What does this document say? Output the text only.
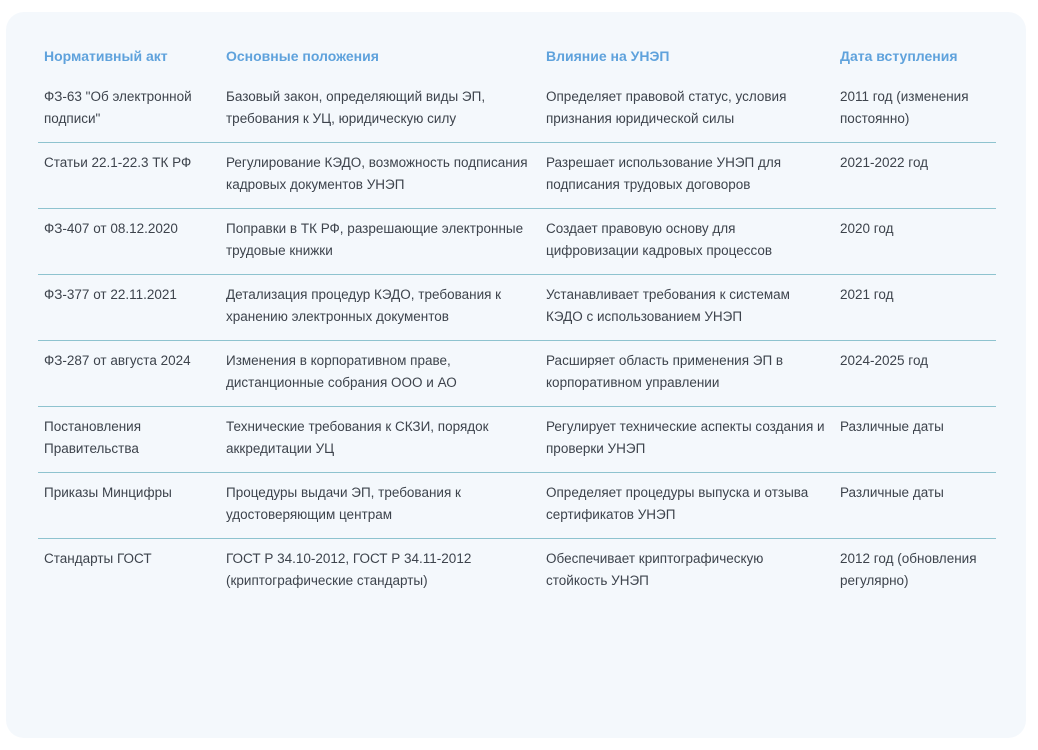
Нормативный акт	Основные положения	Влияние на УНЭП	Дата вступления
ФЗ-63 "Об электронной подписи"	Базовый закон, определяющий виды ЭП, требования к УЦ, юридическую силу	Определяет правовой статус, условия признания юридической силы	2011 год (изменения постоянно)
Статьи 22.1-22.3 ТК РФ	Регулирование КЭДО, возможность подписания кадровых документов УНЭП	Разрешает использование УНЭП для подписания трудовых договоров	2021-2022 год
ФЗ-407 от 08.12.2020	Поправки в ТК РФ, разрешающие электронные трудовые книжки	Создает правовую основу для цифровизации кадровых процессов	2020 год
ФЗ-377 от 22.11.2021	Детализация процедур КЭДО, требования к хранению электронных документов	Устанавливает требования к системам КЭДО с использованием УНЭП	2021 год
ФЗ-287 от августа 2024	Изменения в корпоративном праве, дистанционные собрания ООО и АО	Расширяет область применения ЭП в корпоративном управлении	2024-2025 год
Постановления Правительства	Технические требования к СКЗИ, порядок аккредитации УЦ	Регулирует технические аспекты создания и проверки УНЭП	Различные даты
Приказы Минцифры	Процедуры выдачи ЭП, требования к удостоверяющим центрам	Определяет процедуры выпуска и отзыва сертификатов УНЭП	Различные даты
Стандарты ГОСТ	ГОСТ Р 34.10-2012, ГОСТ Р 34.11-2012 (криптографические стандарты)	Обеспечивает криптографическую стойкость УНЭП	2012 год (обновления регулярно)
